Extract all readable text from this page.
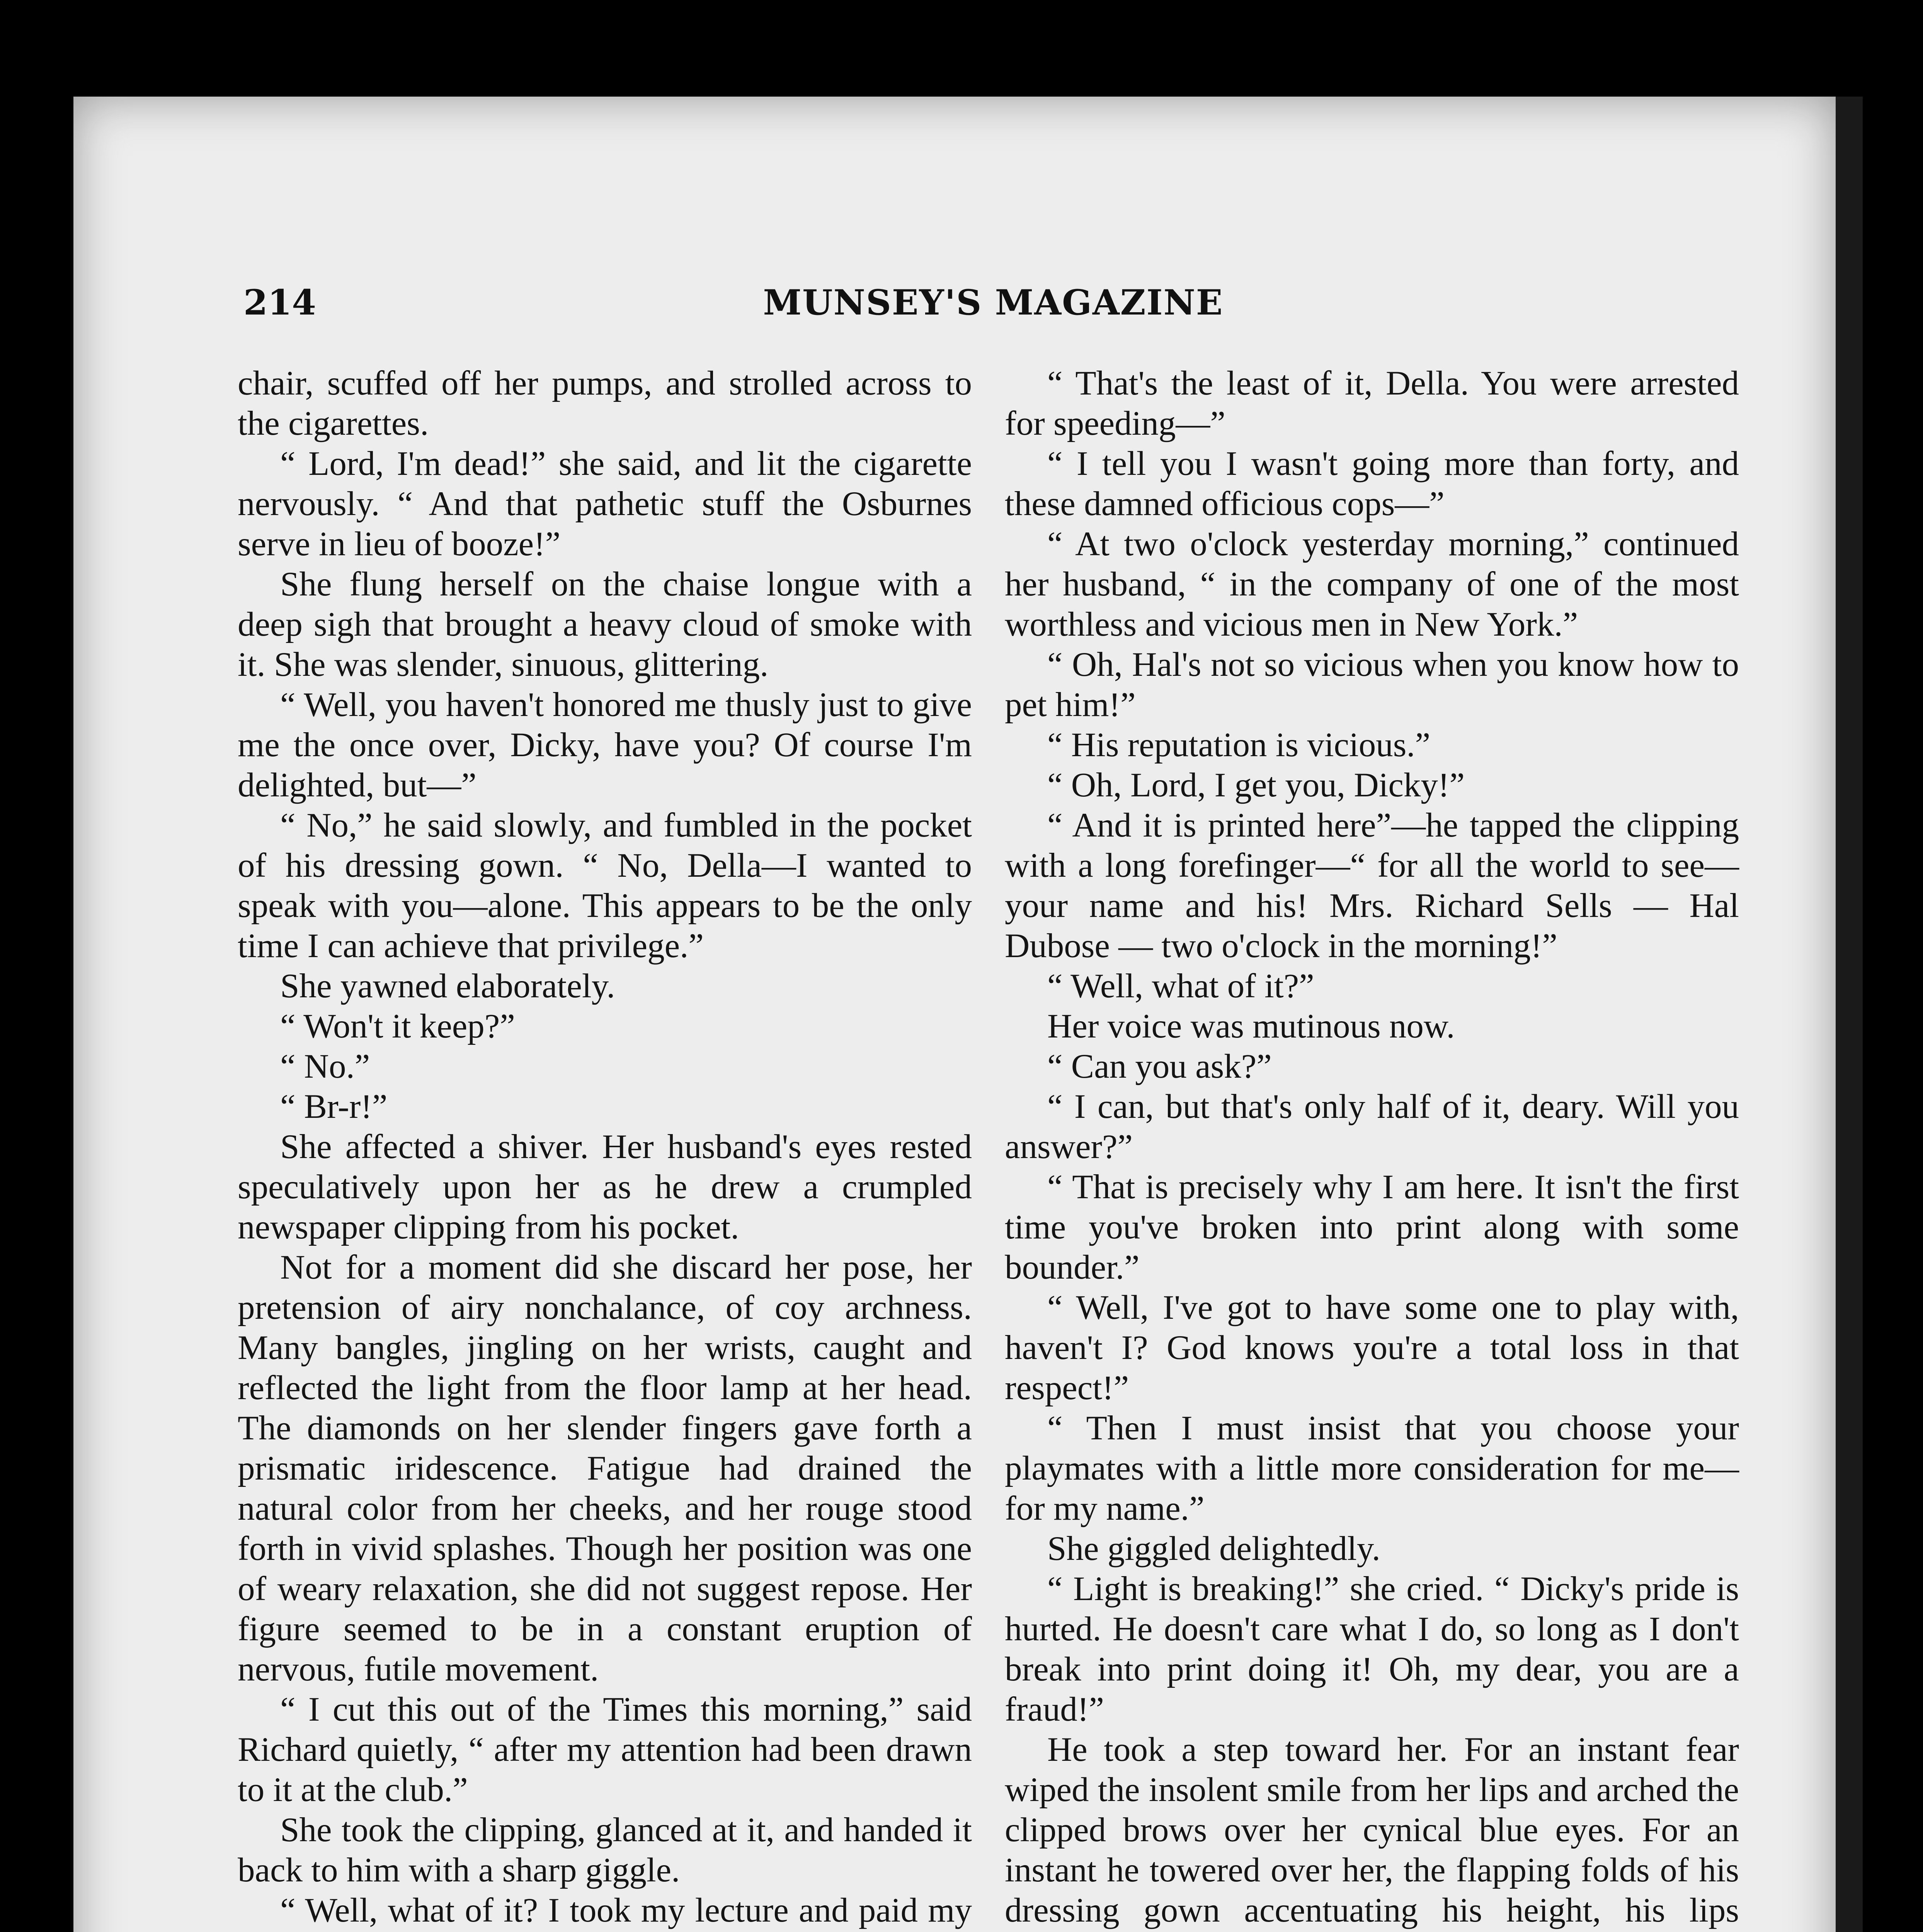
214	MUNSEY'S MAGAZINE

chair, scuffed off her pumps, and strolled across to the cigarettes.

“ Lord, I'm dead!” she said, and lit the cigarette nervously. “ And that pathetic stuff the Osburnes serve in lieu of booze!”

She flung herself on the chaise longue with a deep sigh that brought a heavy cloud of smoke with it. She was slender, sinuous, glittering.

“ Well, you haven't honored me thusly just to give me the once over, Dicky, have you? Of course I'm delighted, but—”

“ No,” he said slowly, and fumbled in the pocket of his dressing gown. “ No, Della—I wanted to speak with you—alone. This appears to be the only time I can achieve that privilege.”

She yawned elaborately.

“ Won't it keep?”

“ No.”

“ Br-r!”

She affected a shiver. Her husband's eyes rested speculatively upon her as he drew a crumpled newspaper clipping from his pocket.

Not for a moment did she discard her pose, her pretension of airy nonchalance, of coy archness. Many bangles, jingling on her wrists, caught and reflected the light from the floor lamp at her head. The diamonds on her slender fingers gave forth a prismatic iridescence. Fatigue had drained the natural color from her cheeks, and her rouge stood forth in vivid splashes. Though her position was one of weary relaxation, she did not suggest repose. Her figure seemed to be in a constant eruption of nervous, futile movement.

“ I cut this out of the Times this morning,” said Richard quietly, “ after my attention had been drawn to it at the club.”

She took the clipping, glanced at it, and handed it back to him with a sharp giggle.

“ Well, what of it? I took my lecture and paid my

“ That's the least of it, Della. You were arrested for speeding—”

“ I tell you I wasn't going more than forty, and these damned officious cops—”

“ At two o'clock yesterday morning,” continued her husband, “ in the company of one of the most worthless and vicious men in New York.”

“ Oh, Hal's not so vicious when you know how to pet him!”

“ His reputation is vicious.”

“ Oh, Lord, I get you, Dicky!”

“ And it is printed here”—he tapped the clipping with a long forefinger—“ for all the world to see—your name and his! Mrs. Richard Sells — Hal Dubose — two o'clock in the morning!”

“ Well, what of it?”

Her voice was mutinous now.

“ Can you ask?”

“ I can, but that's only half of it, deary. Will you answer?”

“ That is precisely why I am here. It isn't the first time you've broken into print along with some bounder.”

“ Well, I've got to have some one to play with, haven't I? God knows you're a total loss in that respect!”

“ Then I must insist that you choose your playmates with a little more consideration for me—for my name.”

She giggled delightedly.

“ Light is breaking!” she cried. “ Dicky's pride is hurted. He doesn't care what I do, so long as I don't break into print doing it! Oh, my dear, you are a fraud!”

He took a step toward her. For an instant fear wiped the insolent smile from her lips and arched the clipped brows over her cynical blue eyes. For an instant he towered over her, the flapping folds of his dressing gown accentuating his height, his lips
